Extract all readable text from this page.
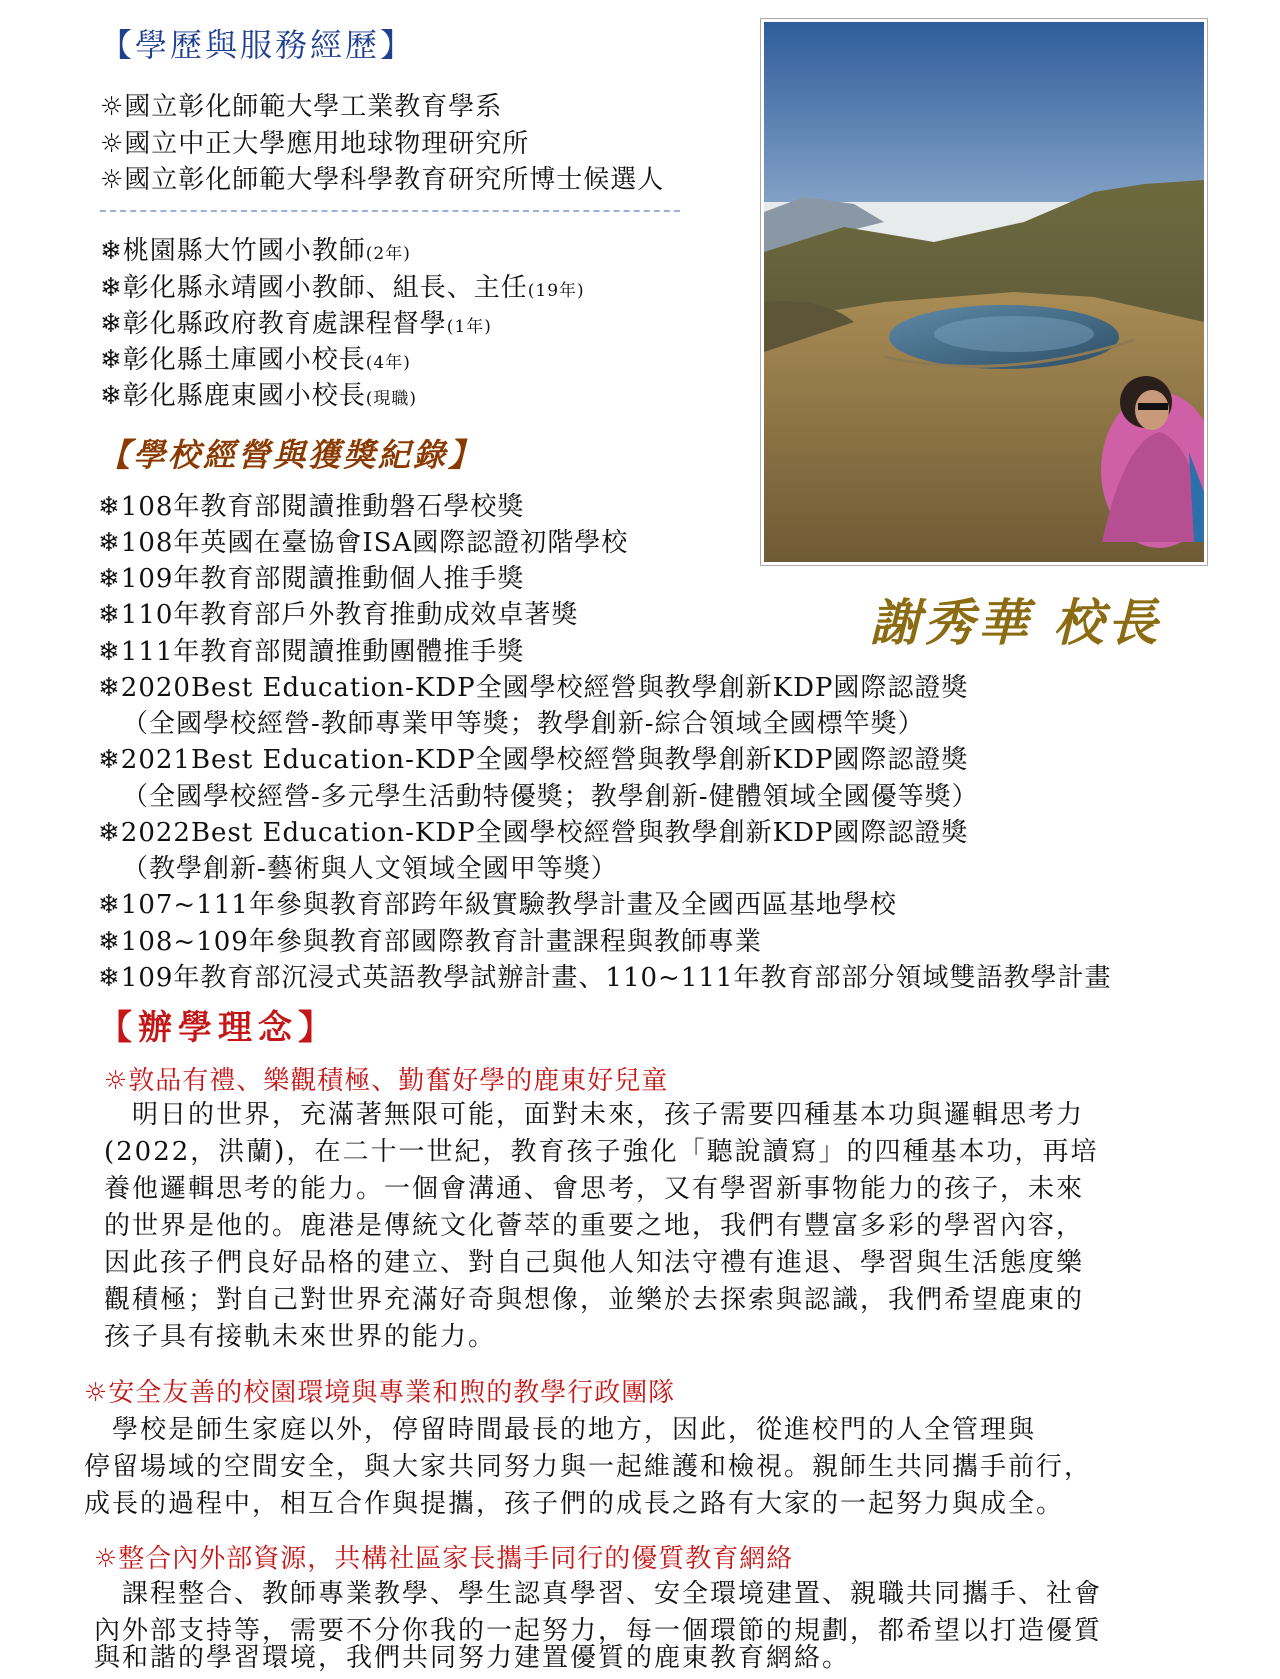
【學歷與服務經歷】
☼國立彰化師範大學工業教育學系
☼國立中正大學應用地球物理研究所
☼國立彰化師範大學科學教育研究所博士候選人
❄桃園縣大竹國小教師(2年)
❄彰化縣永靖國小教師、組長、主任(19年)
❄彰化縣政府教育處課程督學(1年)
❄彰化縣土庫國小校長(4年)
❄彰化縣鹿東國小校長(現職)
【學校經營與獲獎紀錄】
❄108年教育部閱讀推動磐石學校獎
❄108年英國在臺協會ISA國際認證初階學校
❄109年教育部閱讀推動個人推手獎
❄110年教育部戶外教育推動成效卓著獎
❄111年教育部閱讀推動團體推手獎
❄2020Best Education-KDP全國學校經營與教學創新KDP國際認證獎
（全國學校經營-教師專業甲等獎；教學創新-綜合領域全國標竿獎）
❄2021Best Education-KDP全國學校經營與教學創新KDP國際認證獎
（全國學校經營-多元學生活動特優獎；教學創新-健體領域全國優等獎）
❄2022Best Education-KDP全國學校經營與教學創新KDP國際認證獎
（教學創新-藝術與人文領域全國甲等獎）
❄107~111年參與教育部跨年級實驗教學計畫及全國西區基地學校
❄108~109年參與教育部國際教育計畫課程與教師專業
❄109年教育部沉浸式英語教學試辦計畫、110~111年教育部部分領域雙語教學計畫
謝秀華 校長
【辦學理念】
☼敦品有禮、樂觀積極、勤奮好學的鹿東好兒童
　明日的世界，充滿著無限可能，面對未來，孩子需要四種基本功與邏輯思考力
(2022，洪蘭)，在二十一世紀，教育孩子強化「聽說讀寫」的四種基本功，再培
養他邏輯思考的能力。一個會溝通、會思考，又有學習新事物能力的孩子，未來
的世界是他的。鹿港是傳統文化薈萃的重要之地，我們有豐富多彩的學習內容，
因此孩子們良好品格的建立、對自己與他人知法守禮有進退、學習與生活態度樂
觀積極；對自己對世界充滿好奇與想像，並樂於去探索與認識，我們希望鹿東的
孩子具有接軌未來世界的能力。
☼安全友善的校園環境與專業和煦的教學行政團隊
　學校是師生家庭以外，停留時間最長的地方，因此，從進校門的人全管理與
停留場域的空間安全，與大家共同努力與一起維護和檢視。親師生共同攜手前行，
成長的過程中，相互合作與提攜，孩子們的成長之路有大家的一起努力與成全。
☼整合內外部資源，共構社區家長攜手同行的優質教育網絡
　課程整合、教師專業教學、學生認真學習、安全環境建置、親職共同攜手、社會
內外部支持等，需要不分你我的一起努力，每一個環節的規劃，都希望以打造優質
與和諧的學習環境，我們共同努力建置優質的鹿東教育網絡。
